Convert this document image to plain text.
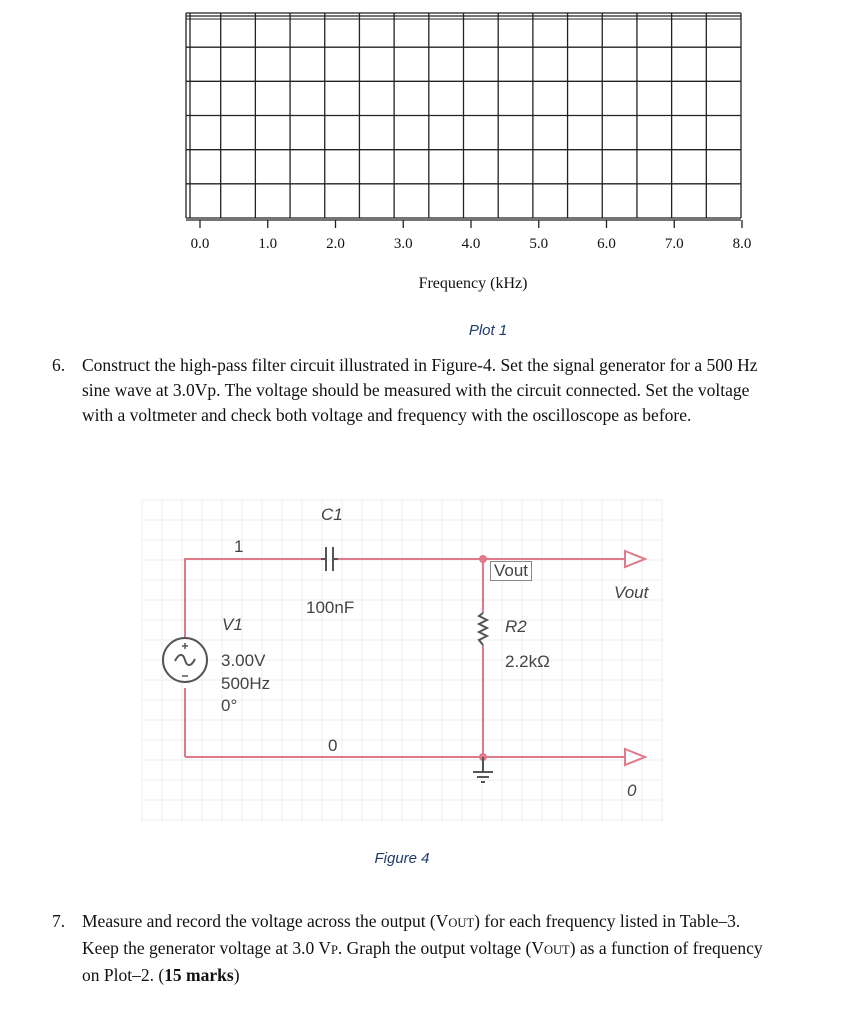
0.0	1.0	2.0	3.0	4.0	5.0	6.0	7.0	8.0
Frequency (kHz)
Plot 1
6. Construct the high-pass filter circuit illustrated in Figure-4. Set the signal generator for a 500 Hz sine wave at 3.0Vp. The voltage should be measured with the circuit connected. Set the voltage with a voltmeter and check both voltage and frequency with the oscilloscope as before.
C1
1
100nF
V1
3.00V
500Hz
0°
0
Vout
R2
2.2kΩ
Vout
0
Figure 4
7. Measure and record the voltage across the output (VOUT) for each frequency listed in Table–3. Keep the generator voltage at 3.0 VP. Graph the output voltage (VOUT) as a function of frequency on Plot–2. (15 marks)
